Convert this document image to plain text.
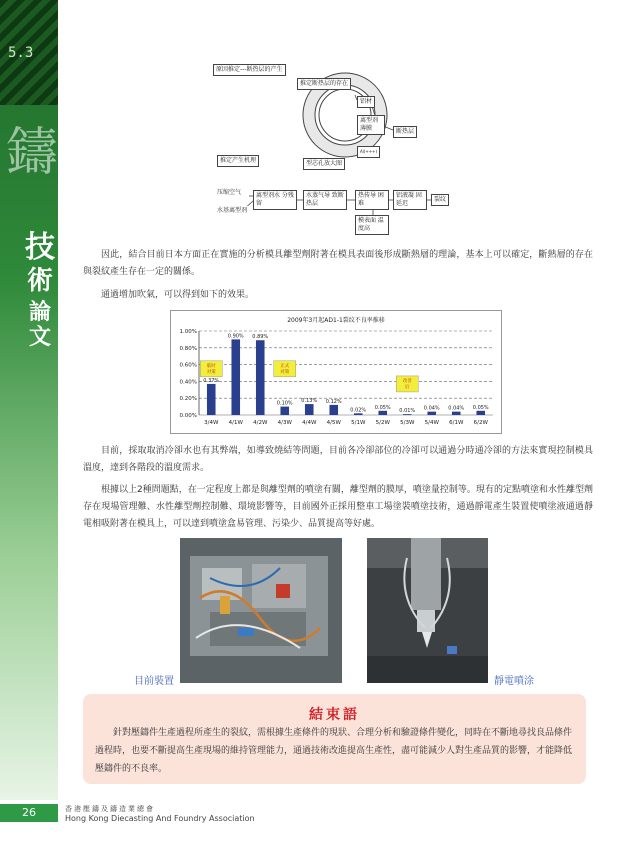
5.3
鑄
技
術
論
文
原因推定---断热层的产生
推定断热层的存在
铝材
离型剂 薄膜	断热层
Al(+++)
推定产生机理	型芯孔放大图
压缩空气
水基离型剂
离型剂水 分残留
水蒸气导 致断热层
热传导 困难
铝液凝 固延迟
裂纹
模表面 温度高

因此，結合目前日本方面正在實施的分析模具離型劑附著在模具表面後形成斷熱層的理論，基本上可以確定，斷熱層的存在與裂紋產生存在一定的關係。

通過增加吹氣，可以得到如下的效果。

2009年3月起AD1-1裂纹不良率推移
0.00%
0.20%
0.40%
0.60%
0.80%
1.00%
0.37%
3/4W
0.90%
4/1W
0.89%
4/2W
0.10%
4/3W
0.13%
4/4W
0.12%
4/5W
0.02%
5/1W
0.05%
5/2W
0.01%
5/3W
0.04%
5/4W
0.04%
6/1W
0.05%
6/2W
临时
对策
正式
对策
改善
后

目前，採取取消冷卻水也有其弊端，如導致燒結等問題，目前各冷卻部位的冷卻可以通過分時通冷卻的方法來實現控制模具溫度，達到各階段的溫度需求。

根據以上2種問題點，在一定程度上都是與離型劑的噴塗有關，離型劑的膜厚，噴塗量控制等。現有的定點噴塗和水性離型劑存在現場管理難、水性離型劑控制難、環境影響等，目前國外正採用整車工場塗裝噴塗技術，通過靜電產生裝置使噴塗液通過靜電相吸附著在模具上，可以達到噴塗盒易管理、污染少、品質提高等好處。

目前裝置	靜電噴涂
結束語

針對壓鑄件生產過程所產生的裂紋，需根據生產條件的現狀、合理分析和驗證條件變化，同時在不斷地尋找良品條件過程時，也要不斷提高生產現場的維持管理能力，通過技術改進提高生產性，盡可能減少人對生產品質的影響，才能降低壓鑄件的不良率。

26	香港壓鑄及鑄造業總會
Hong Kong Diecasting And Foundry Association
